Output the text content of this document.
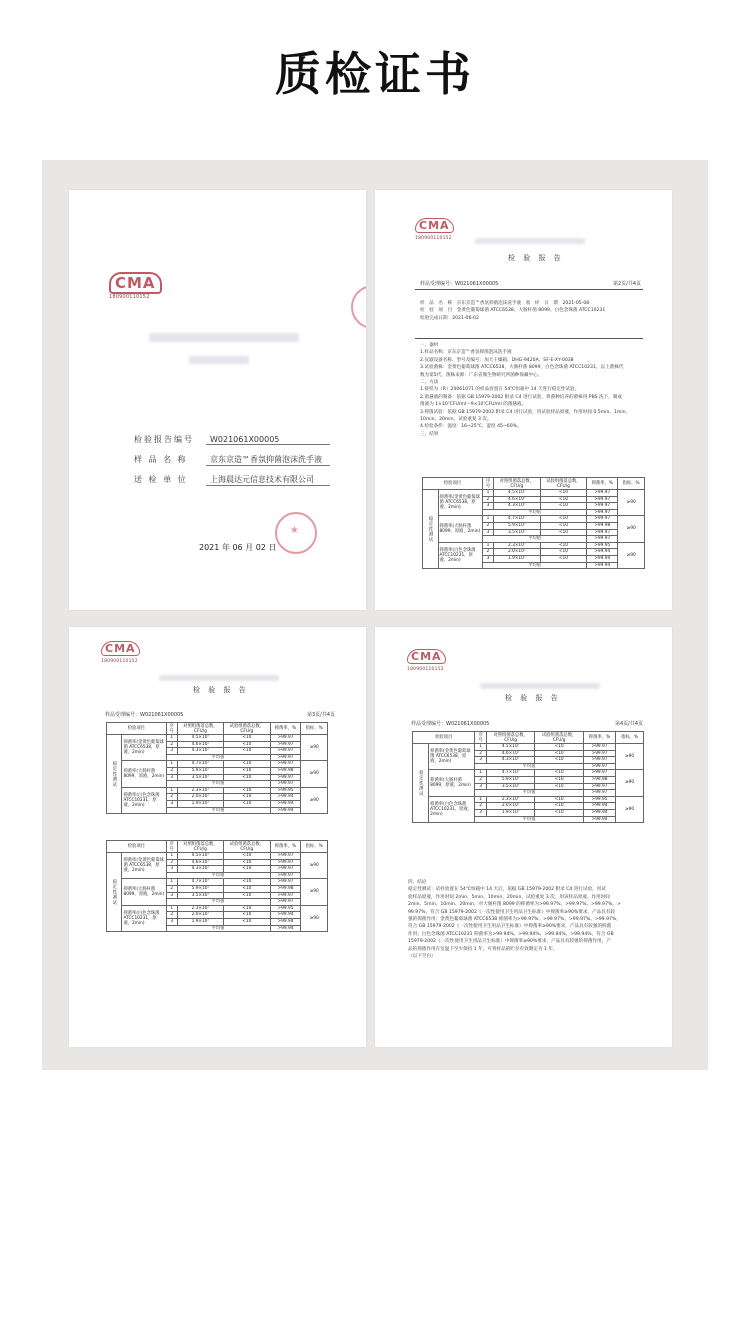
质检证书
CMA
180900110152
检验报告编号 W021061X00005
样 品 名 称	京东京造™香氛抑菌泡沫洗手液
送 检 单 位	上海晨达元信息技术有限公司
★
2021 年 06 月 02 日
CMA
180900110152
检 验 报 告
样品受理编号：W021061X00005	第2页/共4页
样　品　名　称　 京东京造™香氛抑菌泡沫洗手液　 收　样　日　期　 2021-05-08
检　验　项　目　 金黄色葡萄球菌 ATCC6538、大肠杆菌 8099、白色念珠菌 ATCC10231
检验完成日期　 2021-06-02
一、器材
1.样品名称：京东京造™香氛抑菌泡沫洗手液
2.仪器设备名称、型号及编号：加天干燥箱，DHG-9420A，SF-E-XY-0038
3.试验菌株：金黄色葡萄球菌 ATCC6538，大肠杆菌 8099，白色念珠菌 ATCC10231，以上菌株代
数为第5代，菌株来源：广东省微生物研究所菌种保藏中心。
二、方法
1.接样为（R）20061071 的样品放置在 54℃恒箱中 14 天进行稳定性试验。
2.菌悬液的制备：依据 GB 15979-2002 附录 C4 进行试验，将菌种培养的菌株用 PBS 洗下，制成
菌液为 1×10⁷CFU/ml～9×10⁷CFU/ml 的菌悬液。
3.抑菌试验：依据 GB 15979-2002 附录 C4 进行试验，用试验样品原液，作用时间 0.5min、1min、
10min、20min，试验重复 3 次。
4.检验条件：温度：16~25℃，湿度 45~60%。
三、结果
检验项目		序号	对照组菌落总数，CFU/g	试验组菌落总数，CFU/g	抑菌率，%	指标，%
稳定性测试	抑菌率(金黄色葡萄球菌 ATCC6538，原液，2min)	1	4.5×10⁷	<10	>99.97	≥90
		2	4.6×10⁷	<10	>99.97	
		3	4.3×10⁷	<10	>99.97	
		平均值			>99.97	
	抑菌率(大肠杆菌 8099，原液，2min)	1	4.7×10⁷	<10	>99.97	≥90
		2	5.9×10⁷	<10	>99.98	
		3	3.5×10⁷	<10	>99.97	
		平均值			>99.97	
	抑菌率(白色念珠菌 ATCC10231，原液，2min)	1	2.3×10⁷	<10	>99.95	≥90
		2	2.0×10⁷	<10	>99.94	
		3	1.9×10⁷	<10	>99.94	
		平均值			>99.94	
CMA
180900110152
检 验 报 告
样品受理编号：W021061X00005	第3页/共4页
检验项目		序号	对照组菌落总数，CFU/g	试验组菌落总数，CFU/g	抑菌率，%	指标，%
稳定性测试	抑菌率(金黄色葡萄球菌 ATCC6538，原液，2min)	1	4.5×10⁷	<10	>99.97	≥90
		2	4.6×10⁷	<10	>99.97	
		3	4.3×10⁷	<10	>99.97	
		平均值			>99.97	
	抑菌率(大肠杆菌 8099，原液，2min)	1	4.7×10⁷	<10	>99.97	≥90
		2	5.9×10⁷	<10	>99.98	
		3	3.5×10⁷	<10	>99.97	
		平均值			>99.97	
	抑菌率(白色念珠菌 ATCC10231，原液，2min)	1	2.3×10⁷	<10	>99.95	≥90
		2	2.0×10⁷	<10	>99.94	
		3	1.9×10⁷	<10	>99.94	
		平均值			>99.94	
检验项目		序号	对照组菌落总数，CFU/g	试验组菌落总数，CFU/g	抑菌率，%	指标，%
稳定性测试	抑菌率(金黄色葡萄球菌 ATCC6538，原液，2min)	1	4.5×10⁷	<10	>99.97	≥90
		2	4.6×10⁷	<10	>99.97	
		3	4.3×10⁷	<10	>99.97	
		平均值			>99.97	
	抑菌率(大肠杆菌 8099，原液，2min)	1	4.7×10⁷	<10	>99.97	≥90
		2	5.9×10⁷	<10	>99.98	
		3	3.5×10⁷	<10	>99.97	
		平均值			>99.97	
	抑菌率(白色念珠菌 ATCC10231，原液，2min)	1	2.3×10⁷	<10	>99.95	≥90
		2	2.0×10⁷	<10	>99.94	
		3	1.9×10⁷	<10	>99.94	
		平均值			>99.94	
CMA
180900110152
检 验 报 告
样品受理编号：W021061X00005	第4页/共4页
检验项目		序号	对照组菌落总数，CFU/g	试验组菌落总数，CFU/g	抑菌率，%	指标，%
稳定性测试	抑菌率(金黄色葡萄球菌 ATCC6538，原液，2min)	1	4.5×10⁷	<10	>99.97	≥90
		2	4.6×10⁷	<10	>99.97	
		3	4.3×10⁷	<10	>99.97	
		平均值			>99.97	
	抑菌率(大肠杆菌 8099，原液，2min)	1	4.7×10⁷	<10	>99.97	≥90
		2	5.9×10⁷	<10	>99.98	
		3	3.5×10⁷	<10	>99.97	
		平均值			>99.97	
	抑菌率(白色念珠菌 ATCC10231，原液，2min)	1	2.3×10⁷	<10	>99.95	≥90
		2	2.0×10⁷	<10	>99.94	
		3	1.9×10⁷	<10	>99.94	
		平均值			>99.94	
四、结论
稳定性测试：试样放置在 54℃恒箱中 14 天后，依据 GB 15979-2002 附录 C4 进行试验，用试
验样品原液，作用时间 2min、5min、10min、20min，试验重复 3 次，用该样品原液，作用时间
2min、5min、10min、20min，对大肠杆菌 8099 的抑菌率为>99.97%、>99.97%、>99.97%、>
99.97%，符合 GB 15979-2002《一次性使用卫生用品卫生标准》中抑菌率≥90%要求，产品具有较
强的抑菌作用；金黄色葡萄球菌 ATCC6538 抑菌率为>99.97%、>99.97%、>99.97%、>99.97%，
符合 GB 15979-2002《一次性使用卫生用品卫生标准》中抑菌率≥90%要求，产品具有较强的抑菌
作用；白色念珠菌 ATCC10231 抑菌率为>99.94%、>99.94%、>99.94%、>99.94%，符合 GB
15979-2002《一次性使用卫生用品卫生标准》中抑菌率≥90%要求，产品具有较强的抑菌作用，产
品的抑菌作用在室温下至少保持 1 年，可将样品的贮存有效期定为 1 年。
（以下空白）
